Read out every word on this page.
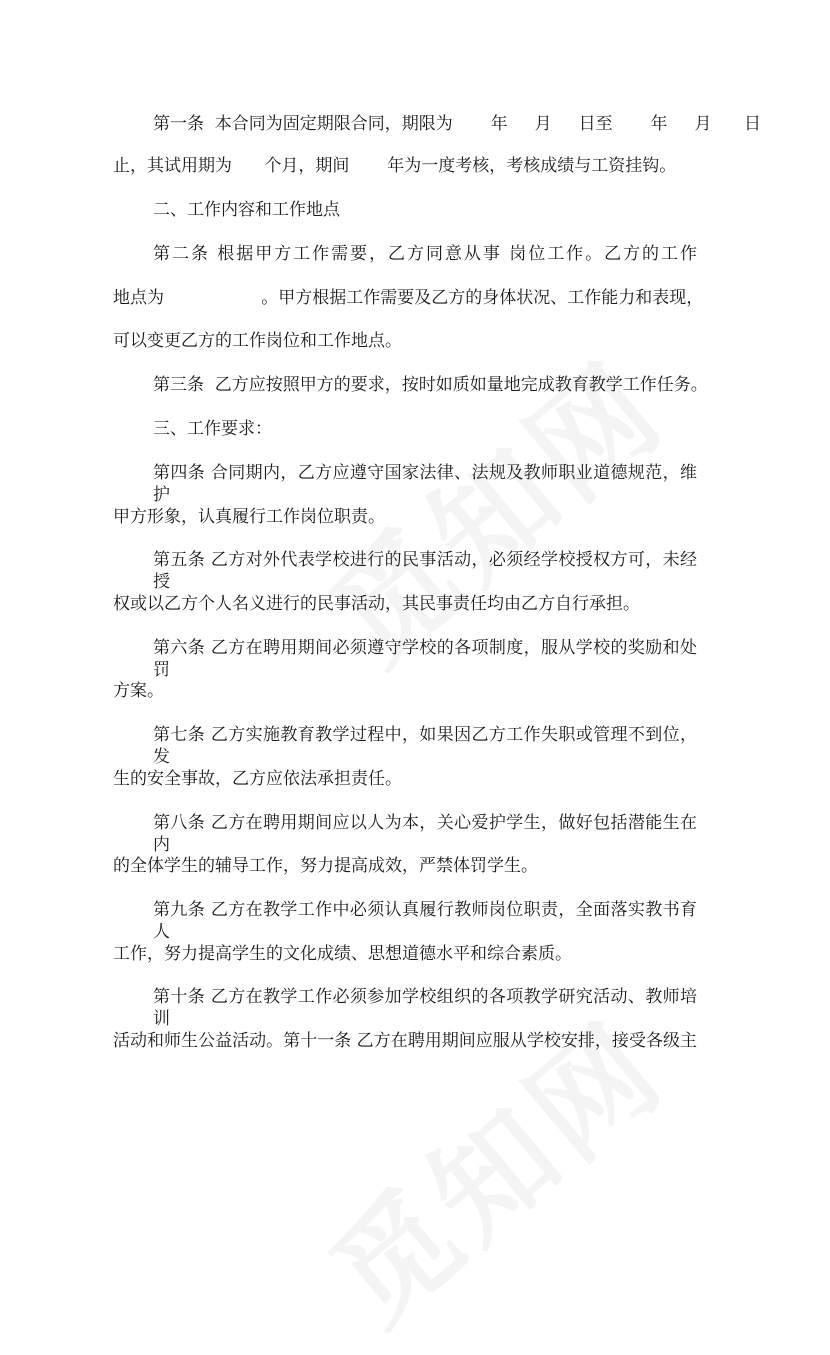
第一条  本合同为固定期限合同，期限为       年     月     日至       年     月      日
止，其试用期为      个月，期间       年为一度考核，考核成绩与工资挂钩。
二、工作内容和工作地点
第二条 根据甲方工作需要，乙方同意从事 岗位工作。乙方的工作
地点为                  。甲方根据工作需要及乙方的身体状况、工作能力和表现，
可以变更乙方的工作岗位和工作地点。
第三条  乙方应按照甲方的要求，按时如质如量地完成教育教学工作任务。
三、工作要求：
第四条 合同期内，乙方应遵守国家法律、法规及教师职业道德规范，维护
甲方形象，认真履行工作岗位职责。
第五条 乙方对外代表学校进行的民事活动，必须经学校授权方可，未经授
权或以乙方个人名义进行的民事活动，其民事责任均由乙方自行承担。
第六条 乙方在聘用期间必须遵守学校的各项制度，服从学校的奖励和处罚
方案。
第七条 乙方实施教育教学过程中，如果因乙方工作失职或管理不到位，发
生的安全事故，乙方应依法承担责任。
第八条 乙方在聘用期间应以人为本，关心爱护学生，做好包括潜能生在内
的全体学生的辅导工作，努力提高成效，严禁体罚学生。
第九条 乙方在教学工作中必须认真履行教师岗位职责，全面落实教书育人
工作，努力提高学生的文化成绩、思想道德水平和综合素质。
第十条 乙方在教学工作必须参加学校组织的各项教学研究活动、教师培训
活动和师生公益活动。第十一条 乙方在聘用期间应服从学校安排，接受各级主
